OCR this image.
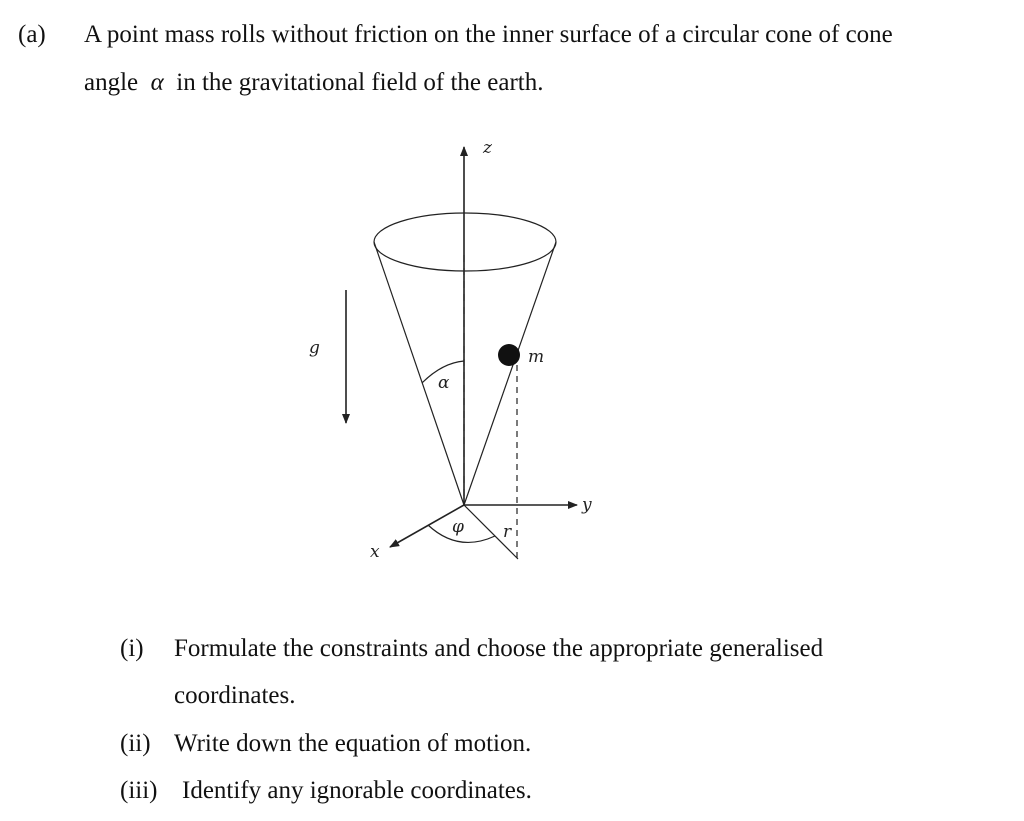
(a) A point mass rolls without friction on the inner surface of a circular cone of cone
angle α in the gravitational field of the earth.
z
g
α
m
y
x
r
φ
(i) Formulate the constraints and choose the appropriate generalised
coordinates.
(ii) Write down the equation of motion.
(iii) Identify any ignorable coordinates.
